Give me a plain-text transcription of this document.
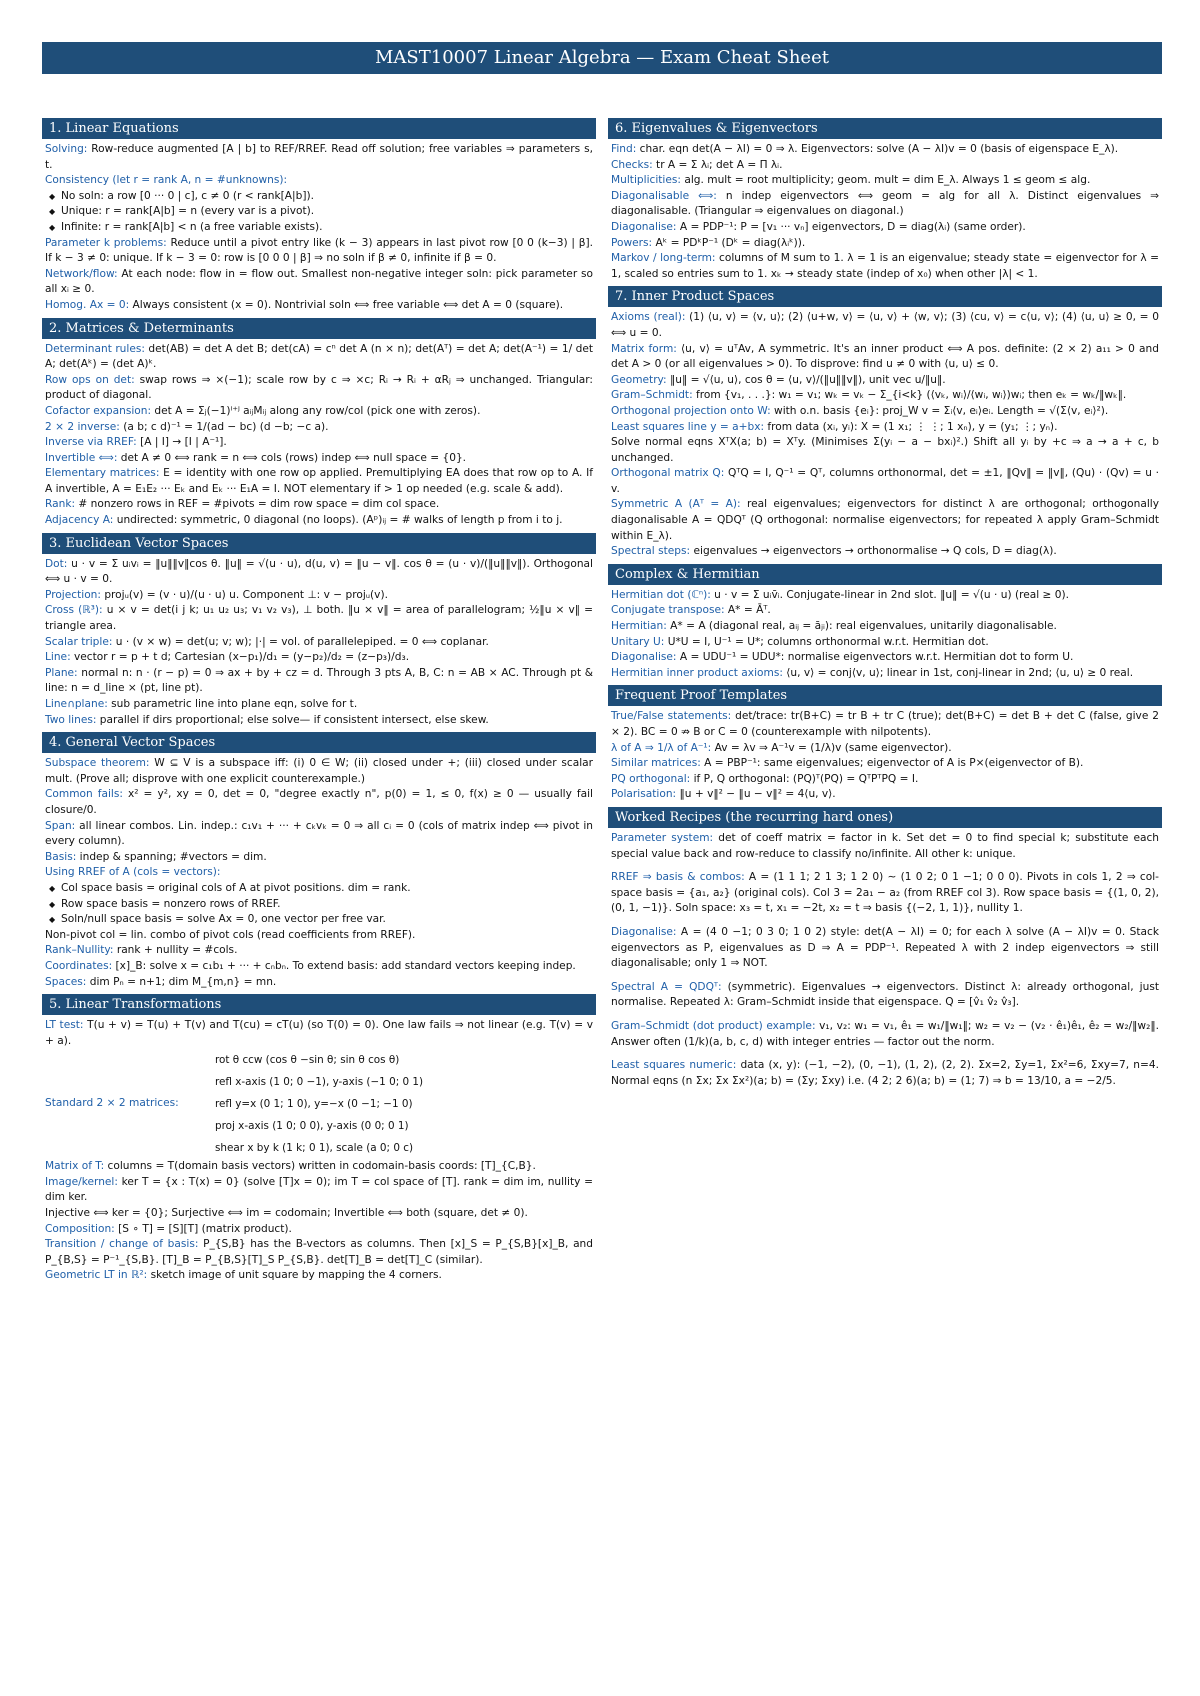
MAST10007 Linear Algebra — Exam Cheat Sheet
1. Linear Equations
Solving: Row-reduce augmented [A | b] to REF/RREF. Read off solution; free variables ⇒ parameters s, t.
Consistency (let r = rank A, n = #unknowns):
◆ No soln: a row [0 ··· 0 | c], c ≠ 0 (r < rank[A|b]).
◆ Unique: r = rank[A|b] = n (every var is a pivot).
◆ Infinite: r = rank[A|b] < n (a free variable exists).
Parameter k problems: Reduce until a pivot entry like (k − 3) appears in last pivot row [0 0 (k−3) | β]. If k − 3 ≠ 0: unique. If k − 3 = 0: row is [0 0 0 | β] ⇒ no soln if β ≠ 0, infinite if β = 0.
Network/flow: At each node: flow in = flow out. Smallest non-negative integer soln: pick parameter so all xᵢ ≥ 0.
Homog. Ax = 0: Always consistent (x = 0). Nontrivial soln ⟺ free variable ⟺ det A = 0 (square).
2. Matrices & Determinants
Determinant rules: det(AB) = det A det B; det(cA) = cⁿ det A (n × n); det(Aᵀ) = det A; det(A⁻¹) = 1/ det A; det(Aᵏ) = (det A)ᵏ.
Row ops on det: swap rows ⇒ ×(−1); scale row by c ⇒ ×c; Rᵢ → Rᵢ + αRⱼ ⇒ unchanged. Triangular: product of diagonal.
Cofactor expansion: det A = Σⱼ(−1)ⁱ⁺ʲ aᵢⱼMᵢⱼ along any row/col (pick one with zeros).
2 × 2 inverse: (a b; c d)⁻¹ = 1/(ad − bc) (d −b; −c a).
Inverse via RREF: [A | I] → [I | A⁻¹].
Invertible ⟺: det A ≠ 0 ⟺ rank = n ⟺ cols (rows) indep ⟺ null space = {0}.
Elementary matrices: E = identity with one row op applied. Premultiplying EA does that row op to A. If A invertible, A = E₁E₂ ··· Eₖ and Eₖ ··· E₁A = I. NOT elementary if > 1 op needed (e.g. scale & add).
Rank: # nonzero rows in REF = #pivots = dim row space = dim col space.
Adjacency A: undirected: symmetric, 0 diagonal (no loops). (Aᵖ)ᵢⱼ = # walks of length p from i to j.
3. Euclidean Vector Spaces
Dot: u · v = Σ uᵢvᵢ = ‖u‖‖v‖cos θ. ‖u‖ = √(u · u), d(u, v) = ‖u − v‖. cos θ = (u · v)/(‖u‖‖v‖). Orthogonal ⟺ u · v = 0.
Projection: projᵤ(v) = (v · u)/(u · u) u. Component ⊥: v − projᵤ(v).
Cross (ℝ³): u × v = det(i j k; u₁ u₂ u₃; v₁ v₂ v₃), ⊥ both. ‖u × v‖ = area of parallelogram; ½‖u × v‖ = triangle area.
Scalar triple: u · (v × w) = det(u; v; w); |·| = vol. of parallelepiped. = 0 ⟺ coplanar.
Line: vector r = p + t d; Cartesian (x−p₁)/d₁ = (y−p₂)/d₂ = (z−p₃)/d₃.
Plane: normal n: n · (r − p) = 0 ⇒ ax + by + cz = d. Through 3 pts A, B, C: n = AB × AC. Through pt & line: n = d_line × (pt, line pt).
Line∩plane: sub parametric line into plane eqn, solve for t.
Two lines: parallel if dirs proportional; else solve— if consistent intersect, else skew.
4. General Vector Spaces
Subspace theorem: W ⊆ V is a subspace iff: (i) 0 ∈ W; (ii) closed under +; (iii) closed under scalar mult. (Prove all; disprove with one explicit counterexample.)
Common fails: x² = y², xy = 0, det = 0, "degree exactly n", p(0) = 1, ≤ 0, f(x) ≥ 0 — usually fail closure/0.
Span: all linear combos. Lin. indep.: c₁v₁ + ··· + cₖvₖ = 0 ⇒ all cᵢ = 0 (cols of matrix indep ⟺ pivot in every column).
Basis: indep & spanning; #vectors = dim.
Using RREF of A (cols = vectors):
◆ Col space basis = original cols of A at pivot positions. dim = rank.
◆ Row space basis = nonzero rows of RREF.
◆ Soln/null space basis = solve Ax = 0, one vector per free var.
Non-pivot col = lin. combo of pivot cols (read coefficients from RREF).
Rank–Nullity: rank + nullity = #cols.
Coordinates: [x]_B: solve x = c₁b₁ + ··· + cₙbₙ. To extend basis: add standard vectors keeping indep.
Spaces: dim Pₙ = n+1; dim M_{m,n} = mn.
5. Linear Transformations
LT test: T(u + v) = T(u) + T(v) and T(cu) = cT(u) (so T(0) = 0). One law fails ⇒ not linear (e.g. T(v) = v + a).
Standard 2 × 2 matrices:
rot θ ccw (cos θ −sin θ; sin θ cos θ)
refl x-axis (1 0; 0 −1), y-axis (−1 0; 0 1)
refl y=x (0 1; 1 0), y=−x (0 −1; −1 0)
proj x-axis (1 0; 0 0), y-axis (0 0; 0 1)
shear x by k (1 k; 0 1), scale (a 0; 0 c)
Matrix of T: columns = T(domain basis vectors) written in codomain-basis coords: [T]_{C,B}.
Image/kernel: ker T = {x : T(x) = 0} (solve [T]x = 0); im T = col space of [T]. rank = dim im, nullity = dim ker.
Injective ⟺ ker = {0}; Surjective ⟺ im = codomain; Invertible ⟺ both (square, det ≠ 0).
Composition: [S ∘ T] = [S][T] (matrix product).
Transition / change of basis: P_{S,B} has the B-vectors as columns. Then [x]_S = P_{S,B}[x]_B, and P_{B,S} = P⁻¹_{S,B}. [T]_B = P_{B,S}[T]_S P_{S,B}. det[T]_B = det[T]_C (similar).
Geometric LT in ℝ²: sketch image of unit square by mapping the 4 corners.
6. Eigenvalues & Eigenvectors
Find: char. eqn det(A − λI) = 0 ⇒ λ. Eigenvectors: solve (A − λI)v = 0 (basis of eigenspace E_λ).
Checks: tr A = Σ λᵢ; det A = Π λᵢ.
Multiplicities: alg. mult = root multiplicity; geom. mult = dim E_λ. Always 1 ≤ geom ≤ alg.
Diagonalisable ⟺: n indep eigenvectors ⟺ geom = alg for all λ. Distinct eigenvalues ⇒ diagonalisable. (Triangular ⇒ eigenvalues on diagonal.)
Diagonalise: A = PDP⁻¹: P = [v₁ ··· vₙ] eigenvectors, D = diag(λᵢ) (same order).
Powers: Aᵏ = PDᵏP⁻¹ (Dᵏ = diag(λᵢᵏ)).
Markov / long-term: columns of M sum to 1. λ = 1 is an eigenvalue; steady state = eigenvector for λ = 1, scaled so entries sum to 1. xₖ → steady state (indep of x₀) when other |λ| < 1.
7. Inner Product Spaces
Axioms (real): (1) ⟨u, v⟩ = ⟨v, u⟩; (2) ⟨u+w, v⟩ = ⟨u, v⟩ + ⟨w, v⟩; (3) ⟨cu, v⟩ = c⟨u, v⟩; (4) ⟨u, u⟩ ≥ 0, = 0 ⟺ u = 0.
Matrix form: ⟨u, v⟩ = uᵀAv, A symmetric. It's an inner product ⟺ A pos. definite: (2 × 2) a₁₁ > 0 and det A > 0 (or all eigenvalues > 0). To disprove: find u ≠ 0 with ⟨u, u⟩ ≤ 0.
Geometry: ‖u‖ = √⟨u, u⟩, cos θ = ⟨u, v⟩/(‖u‖‖v‖), unit vec u/‖u‖.
Gram–Schmidt: from {v₁, . . .}: w₁ = v₁; wₖ = vₖ − Σ_{i<k} (⟨vₖ, wᵢ⟩/⟨wᵢ, wᵢ⟩)wᵢ; then eₖ = wₖ/‖wₖ‖.
Orthogonal projection onto W: with o.n. basis {eᵢ}: proj_W v = Σᵢ⟨v, eᵢ⟩eᵢ. Length = √(Σ⟨v, eᵢ⟩²).
Least squares line y = a+bx: from data (xᵢ, yᵢ): X = (1 x₁; ⋮ ⋮; 1 xₙ), y = (y₁; ⋮; yₙ).
Solve normal eqns XᵀX(a; b) = Xᵀy. (Minimises Σ(yᵢ − a − bxᵢ)².) Shift all yᵢ by +c ⇒ a → a + c, b unchanged.
Orthogonal matrix Q: QᵀQ = I, Q⁻¹ = Qᵀ, columns orthonormal, det = ±1, ‖Qv‖ = ‖v‖, (Qu) · (Qv) = u · v.
Symmetric A (Aᵀ = A): real eigenvalues; eigenvectors for distinct λ are orthogonal; orthogonally diagonalisable A = QDQᵀ (Q orthogonal: normalise eigenvectors; for repeated λ apply Gram–Schmidt within E_λ).
Spectral steps: eigenvalues → eigenvectors → orthonormalise → Q cols, D = diag(λ).
Complex & Hermitian
Hermitian dot (ℂⁿ): u · v = Σ uᵢv̄ᵢ. Conjugate-linear in 2nd slot. ‖u‖ = √(u · u) (real ≥ 0).
Conjugate transpose: A* = Āᵀ.
Hermitian: A* = A (diagonal real, aᵢⱼ = āⱼᵢ): real eigenvalues, unitarily diagonalisable.
Unitary U: U*U = I, U⁻¹ = U*; columns orthonormal w.r.t. Hermitian dot.
Diagonalise: A = UDU⁻¹ = UDU*: normalise eigenvectors w.r.t. Hermitian dot to form U.
Hermitian inner product axioms: ⟨u, v⟩ = conj⟨v, u⟩; linear in 1st, conj-linear in 2nd; ⟨u, u⟩ ≥ 0 real.
Frequent Proof Templates
True/False statements: det/trace: tr(B+C) = tr B + tr C (true); det(B+C) = det B + det C (false, give 2 × 2). BC = 0 ⇏ B or C = 0 (counterexample with nilpotents).
λ of A ⇒ 1/λ of A⁻¹: Av = λv ⇒ A⁻¹v = (1/λ)v (same eigenvector).
Similar matrices: A = PBP⁻¹: same eigenvalues; eigenvector of A is P×(eigenvector of B).
PQ orthogonal: if P, Q orthogonal: (PQ)ᵀ(PQ) = QᵀPᵀPQ = I.
Polarisation: ‖u + v‖² − ‖u − v‖² = 4⟨u, v⟩.
Worked Recipes (the recurring hard ones)
Parameter system: det of coeff matrix = factor in k. Set det = 0 to find special k; substitute each special value back and row-reduce to classify no/infinite. All other k: unique.
RREF ⇒ basis & combos: A = (1 1 1; 2 1 3; 1 2 0) ∼ (1 0 2; 0 1 −1; 0 0 0). Pivots in cols 1, 2 ⇒ col-space basis = {a₁, a₂} (original cols). Col 3 = 2a₁ − a₂ (from RREF col 3). Row space basis = {(1, 0, 2), (0, 1, −1)}. Soln space: x₃ = t, x₁ = −2t, x₂ = t ⇒ basis {(−2, 1, 1)}, nullity 1.
Diagonalise: A = (4 0 −1; 0 3 0; 1 0 2) style: det(A − λI) = 0; for each λ solve (A − λI)v = 0. Stack eigenvectors as P, eigenvalues as D ⇒ A = PDP⁻¹. Repeated λ with 2 indep eigenvectors ⇒ still diagonalisable; only 1 ⇒ NOT.
Spectral A = QDQᵀ: (symmetric). Eigenvalues → eigenvectors. Distinct λ: already orthogonal, just normalise. Repeated λ: Gram–Schmidt inside that eigenspace. Q = [v̂₁ v̂₂ v̂₃].
Gram–Schmidt (dot product) example: v₁, v₂: w₁ = v₁, ê₁ = w₁/‖w₁‖; w₂ = v₂ − (v₂ · ê₁)ê₁, ê₂ = w₂/‖w₂‖. Answer often (1/k)(a, b, c, d) with integer entries — factor out the norm.
Least squares numeric: data (x, y): (−1, −2), (0, −1), (1, 2), (2, 2). Σx=2, Σy=1, Σx²=6, Σxy=7, n=4. Normal eqns (n Σx; Σx Σx²)(a; b) = (Σy; Σxy) i.e. (4 2; 2 6)(a; b) = (1; 7) ⇒ b = 13/10, a = −2/5.
